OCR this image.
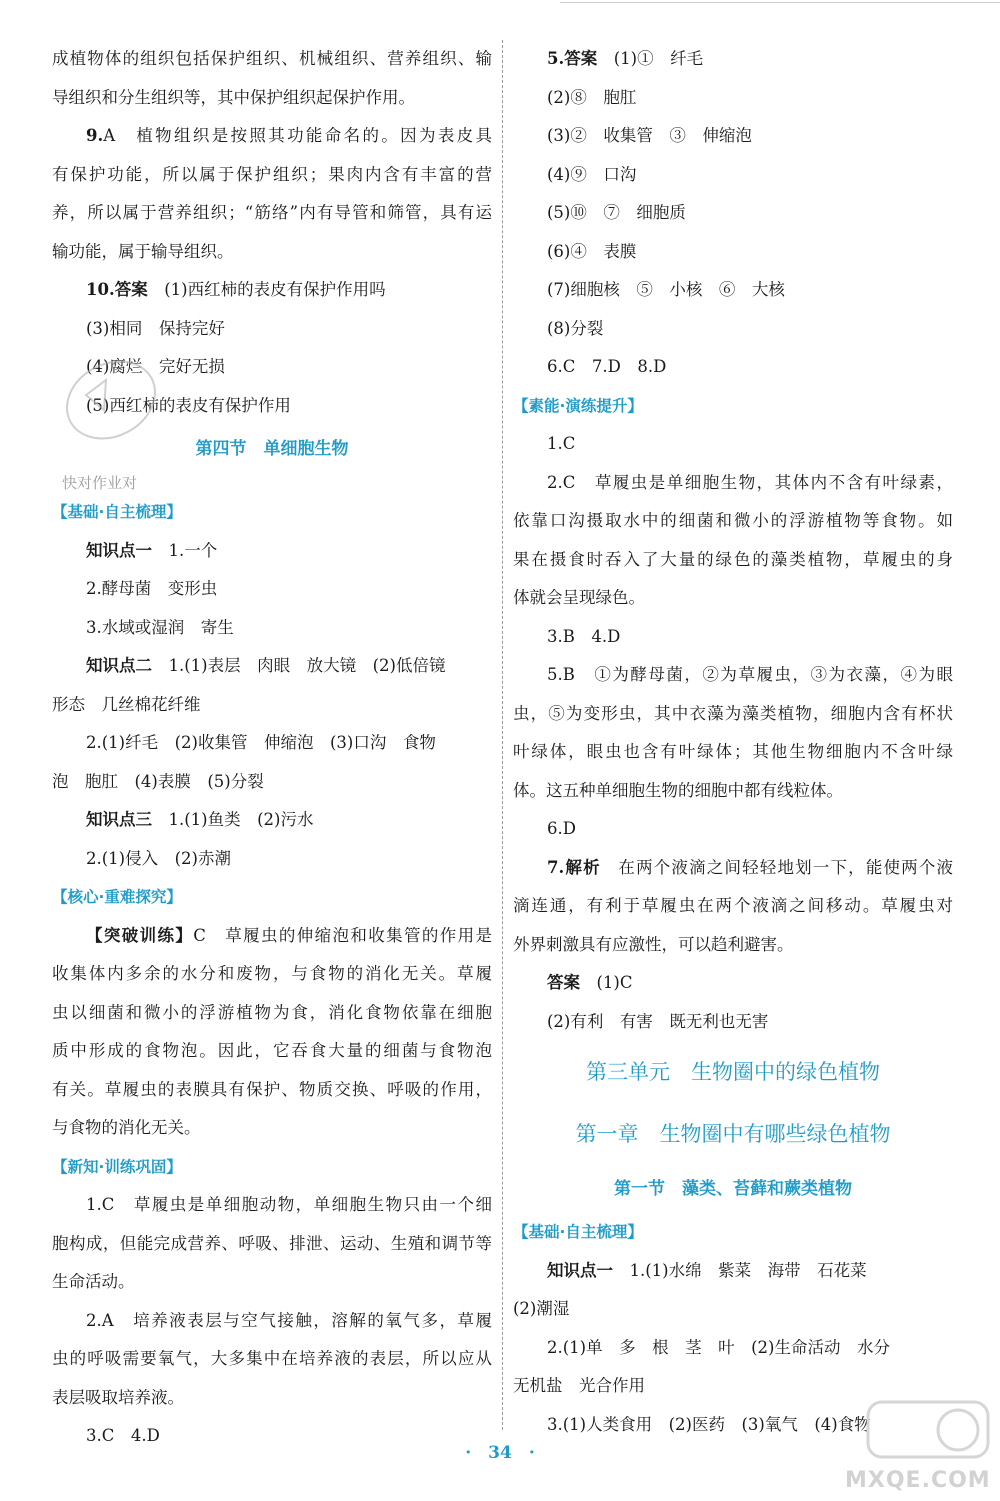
成植物体的组织包括保护组织、机械组织、营养组织、输
导组织和分生组织等，其中保护组织起保护作用。
9.A　 植物组织是按照其功能命名的。因为表皮具
有保护功能，所以属于保护组织；果肉内含有丰富的营
养，所以属于营养组织；“筋络”内有导管和筛管，具有运
输功能，属于输导组织。
10.答案　 (1)西红柿的表皮有保护作用吗
(3)相同　保持完好
(4)腐烂　完好无损
(5)西红柿的表皮有保护作用
第四节　单细胞生物
快对作业对
【基础·自主梳理】
知识点一　 1.一个
2.酵母菌　变形虫
3.水域或湿润　寄生
知识点二　 1.(1)表层　肉眼　放大镜　(2)低倍镜
形态　几丝棉花纤维
2.(1)纤毛　(2)收集管　伸缩泡　(3)口沟　食物
泡　胞肛　(4)表膜　(5)分裂
知识点三　 1.(1)鱼类　(2)污水
2.(1)侵入　(2)赤潮
【核心·重难探究】
【突破训练】C　 草履虫的伸缩泡和收集管的作用是
收集体内多余的水分和废物，与食物的消化无关。草履
虫以细菌和微小的浮游植物为食，消化食物依靠在细胞
质中形成的食物泡。因此，它吞食大量的细菌与食物泡
有关。草履虫的表膜具有保护、物质交换、呼吸的作用，
与食物的消化无关。
【新知·训练巩固】
1.C　 草履虫是单细胞动物，单细胞生物只由一个细
胞构成，但能完成营养、呼吸、排泄、运动、生殖和调节等
生命活动。
2.A　 培养液表层与空气接触，溶解的氧气多，草履
虫的呼吸需要氧气，大多集中在培养液的表层，所以应从
表层吸取培养液。
3.C　4.D
5.答案　 (1)①　纤毛
(2)⑧　胞肛
(3)②　收集管　③　伸缩泡
(4)⑨　口沟
(5)⑩　⑦　细胞质
(6)④　表膜
(7)细胞核　⑤　小核　⑥　大核
(8)分裂
6.C　7.D　8.D
【素能·演练提升】
1.C
2.C　 草履虫是单细胞生物，其体内不含有叶绿素，
依靠口沟摄取水中的细菌和微小的浮游植物等食物。如
果在摄食时吞入了大量的绿色的藻类植物，草履虫的身
体就会呈现绿色。
3.B　4.D
5.B　 ①为酵母菌，②为草履虫，③为衣藻，④为眼
虫，⑤为变形虫，其中衣藻为藻类植物，细胞内含有杯状
叶绿体，眼虫也含有叶绿体；其他生物细胞内不含叶绿
体。这五种单细胞生物的细胞中都有线粒体。
6.D
7.解析　 在两个液滴之间轻轻地划一下，能使两个液
滴连通，有利于草履虫在两个液滴之间移动。草履虫对
外界刺激具有应激性，可以趋利避害。
答案　 (1)C
(2)有利　有害　既无利也无害
第三单元　生物圈中的绿色植物
第一章　生物圈中有哪些绿色植物
第一节　藻类、苔藓和蕨类植物
【基础·自主梳理】
知识点一　 1.(1)水绵　紫菜　海带　石花菜
(2)潮湿
2.(1)单　多　根　茎　叶　(2)生命活动　水分
无机盐　光合作用
3.(1)人类食用　(2)医药　(3)氧气　(4)食物
MXQE.COM
·　34　·
